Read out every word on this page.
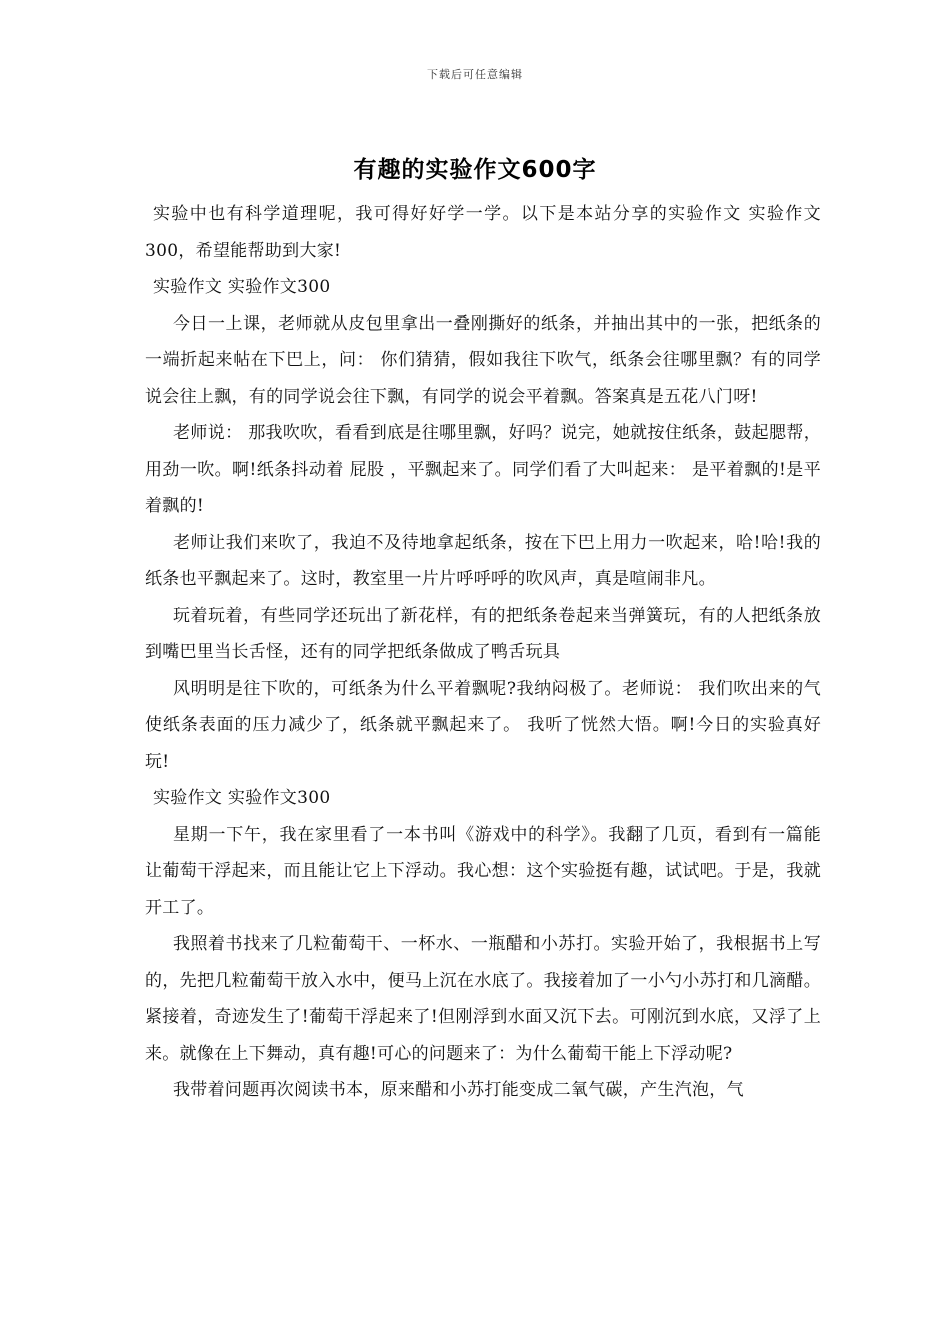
下载后可任意编辑
有趣的实验作文600字

实验中也有科学道理呢，我可得好好学一学。以下是本站分享的实验作文 实验作文300，希望能帮助到大家!

实验作文 实验作文300

今日一上课，老师就从皮包里拿出一叠刚撕好的纸条，并抽出其中的一张，把纸条的一端折起来帖在下巴上，问： 你们猜猜，假如我往下吹气，纸条会往哪里飘？有的同学说会往上飘，有的同学说会往下飘，有同学的说会平着飘。答案真是五花八门呀!

老师说： 那我吹吹，看看到底是往哪里飘，好吗？说完，她就按住纸条，鼓起腮帮，用劲一吹。啊!纸条抖动着 屁股 ，平飘起来了。同学们看了大叫起来： 是平着飘的!是平着飘的!

老师让我们来吹了，我迫不及待地拿起纸条，按在下巴上用力一吹起来，哈!哈!我的纸条也平飘起来了。这时，教室里一片片呼呼呼的吹风声，真是喧闹非凡。

玩着玩着，有些同学还玩出了新花样，有的把纸条卷起来当弹簧玩，有的人把纸条放到嘴巴里当长舌怪，还有的同学把纸条做成了鸭舌玩具

风明明是往下吹的，可纸条为什么平着飘呢?我纳闷极了。老师说： 我们吹出来的气使纸条表面的压力减少了，纸条就平飘起来了。 我听了恍然大悟。啊!今日的实验真好玩!

实验作文 实验作文300

星期一下午，我在家里看了一本书叫《游戏中的科学》。我翻了几页，看到有一篇能让葡萄干浮起来，而且能让它上下浮动。我心想：这个实验挺有趣，试试吧。于是，我就开工了。

我照着书找来了几粒葡萄干、一杯水、一瓶醋和小苏打。实验开始了，我根据书上写的，先把几粒葡萄干放入水中，便马上沉在水底了。我接着加了一小勺小苏打和几滴醋。紧接着，奇迹发生了!葡萄干浮起来了!但刚浮到水面又沉下去。可刚沉到水底，又浮了上来。就像在上下舞动，真有趣!可心的问题来了：为什么葡萄干能上下浮动呢?

我带着问题再次阅读书本，原来醋和小苏打能变成二氧气碳，产生汽泡，气
